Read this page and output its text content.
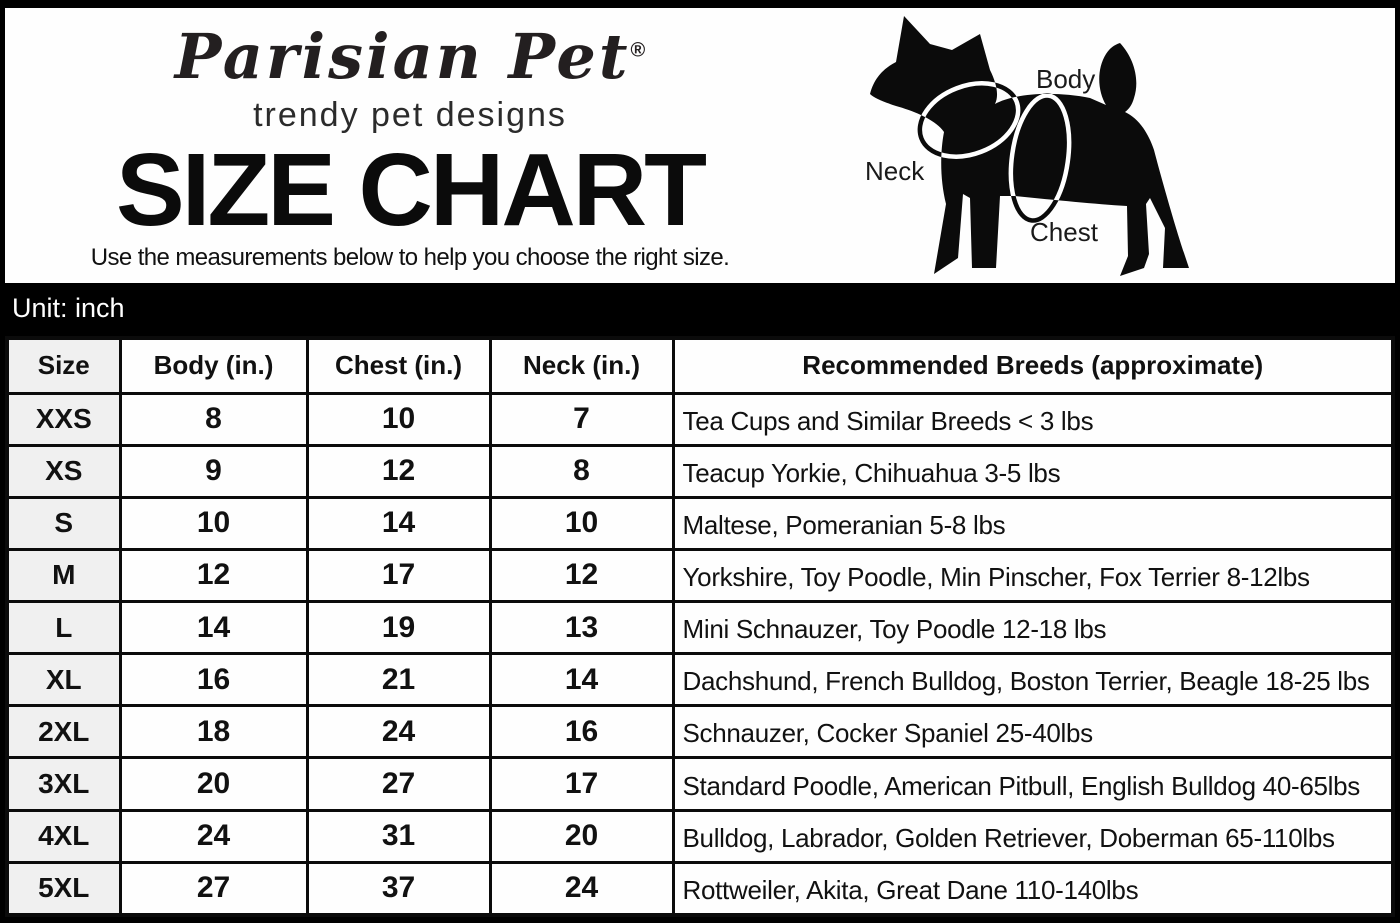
Parisian Pet®
trendy pet designs
SIZE CHART
Use the measurements below to help you choose the right size.
Body
Neck
Chest
Unit: inch
Size	Body (in.)	Chest (in.)	Neck (in.)	Recommended Breeds (approximate)
XXS	8	10	7	Tea Cups and Similar Breeds < 3 lbs
XS	9	12	8	Teacup Yorkie, Chihuahua 3-5 lbs
S	10	14	10	Maltese, Pomeranian 5-8 lbs
M	12	17	12	Yorkshire, Toy Poodle, Min Pinscher, Fox Terrier 8-12lbs
L	14	19	13	Mini Schnauzer, Toy Poodle 12-18 lbs
XL	16	21	14	Dachshund, French Bulldog, Boston Terrier, Beagle 18-25 lbs
2XL	18	24	16	Schnauzer, Cocker Spaniel 25-40lbs
3XL	20	27	17	Standard Poodle, American Pitbull, English Bulldog 40-65lbs
4XL	24	31	20	Bulldog, Labrador, Golden Retriever, Doberman 65-110lbs
5XL	27	37	24	Rottweiler, Akita, Great Dane 110-140lbs
